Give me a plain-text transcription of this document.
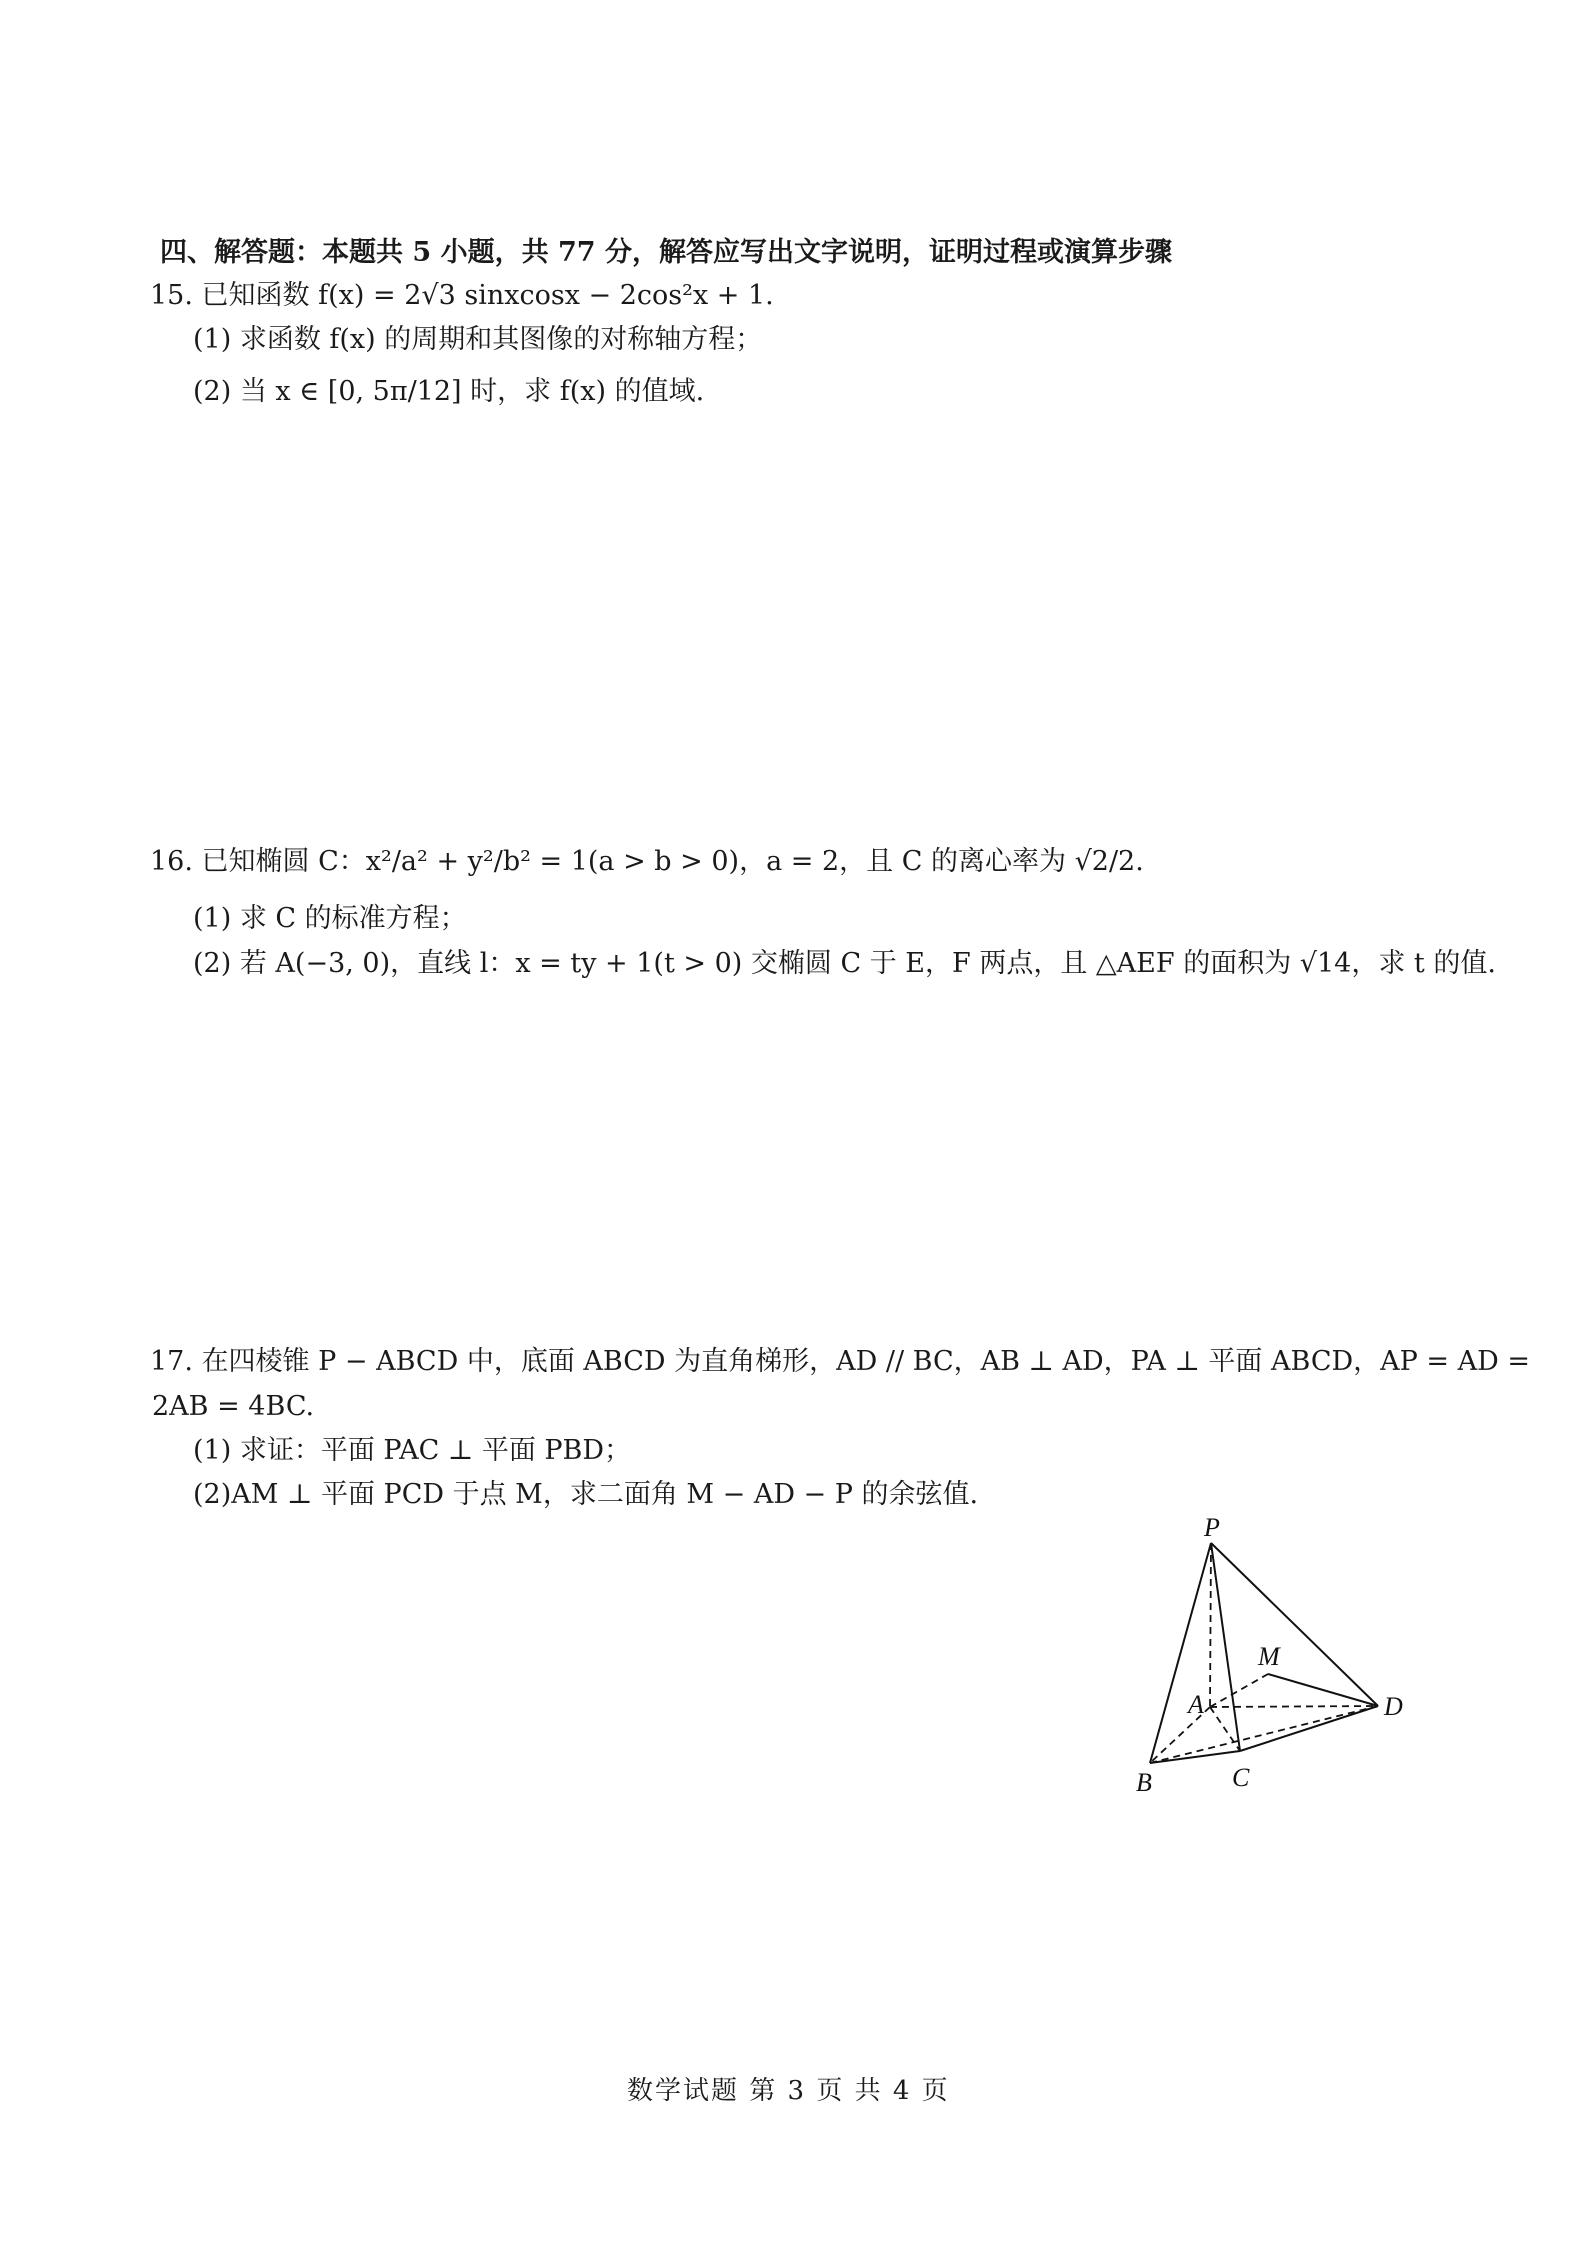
四、解答题：本题共 5 小题，共 77 分，解答应写出文字说明，证明过程或演算步骤
15. 已知函数 f(x) = 2√3 sinxcosx − 2cos²x + 1.
(1) 求函数 f(x) 的周期和其图像的对称轴方程；
(2) 当 x ∈ [0, 5π/12] 时，求 f(x) 的值域.
16. 已知椭圆 C：x²/a² + y²/b² = 1(a > b > 0)，a = 2，且 C 的离心率为 √2/2.
(1) 求 C 的标准方程；
(2) 若 A(−3, 0)，直线 l：x = ty + 1(t > 0) 交椭圆 C 于 E，F 两点，且 △AEF 的面积为 √14，求 t 的值.
17. 在四棱锥 P − ABCD 中，底面 ABCD 为直角梯形，AD // BC，AB ⊥ AD，PA ⊥ 平面 ABCD，AP = AD =
2AB = 4BC.
(1) 求证：平面 PAC ⊥ 平面 PBD；
(2)AM ⊥ 平面 PCD 于点 M，求二面角 M − AD − P 的余弦值.
P
M
A	D
B	C
数学试题 第 3 页 共 4 页
